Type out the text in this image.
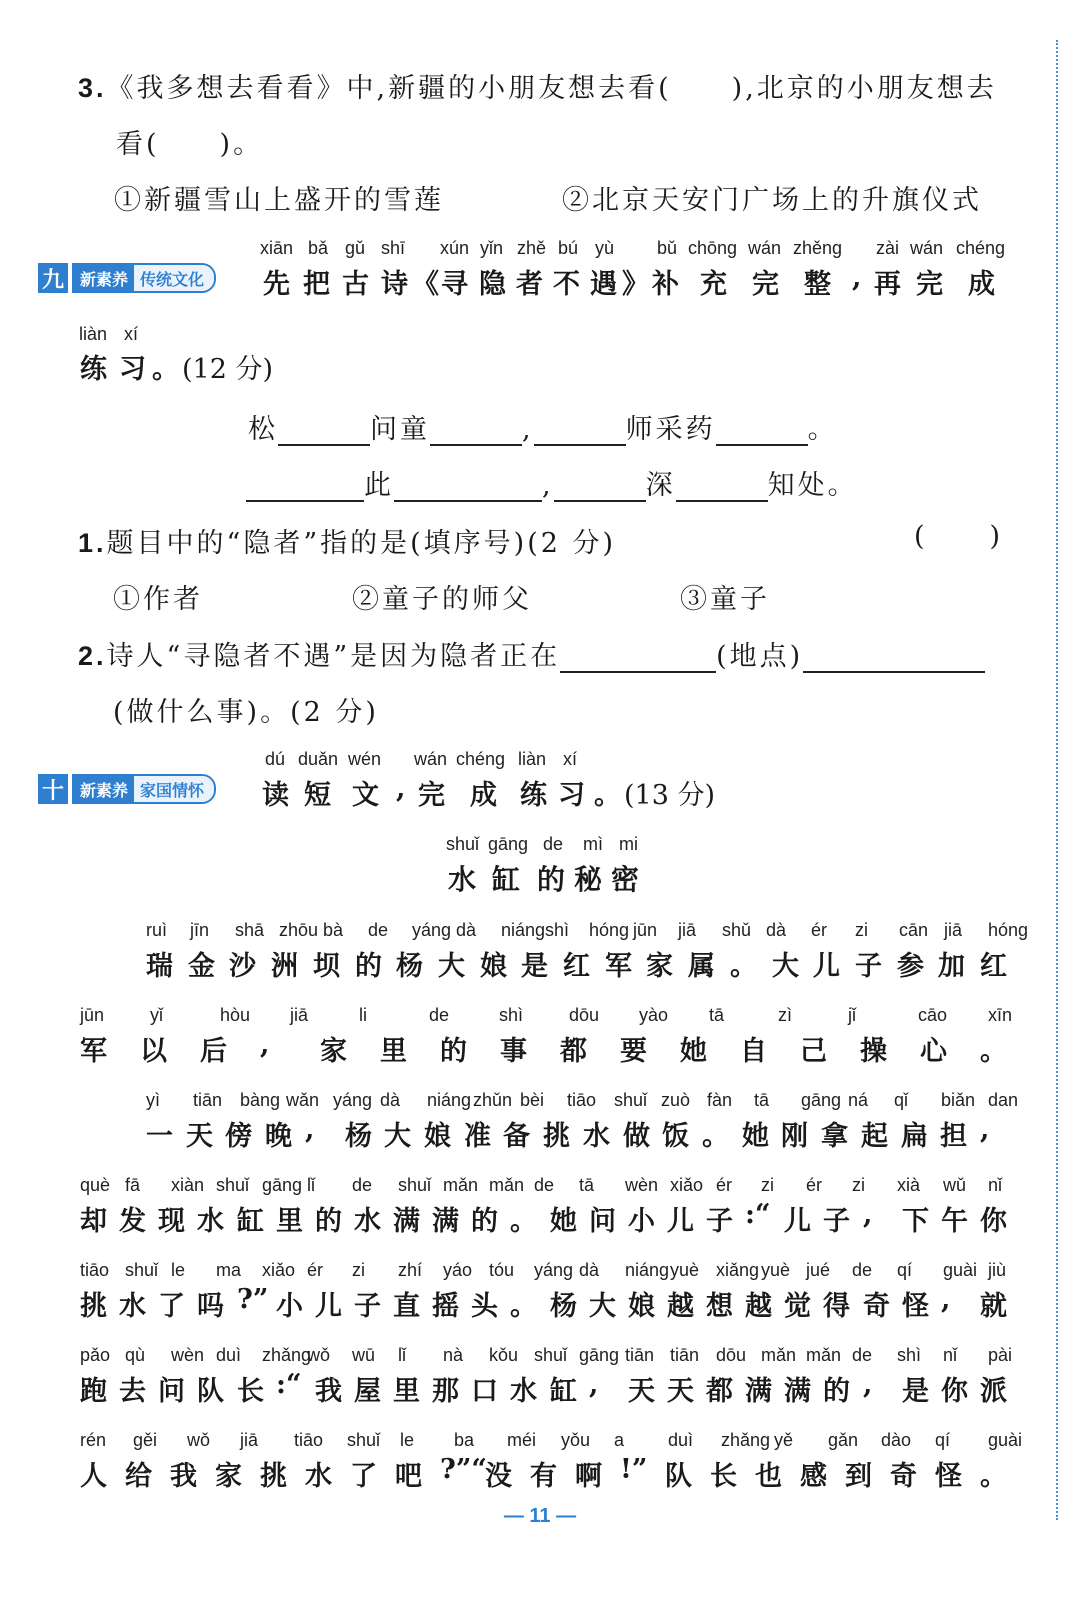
3.《我多想去看看》中,新疆的小朋友想去看( ),北京的小朋友想去
看( )。
①新疆雪山上盛开的雪莲	②北京天安门广场上的升旗仪式
九	新素养 传统文化
xiān bǎ gǔ shī xún yǐn zhě bú yù bǔ chōng wán zhěng zài wán chéng
先 把 古 诗 《 寻 隐 者 不 遇 》 补 充 完 整 , 再 完 成
liàn xí
练 习 。 (12 分)
松	问童	,	师采药	。
此	,	深	知处。
1.题目中的“隐者”指的是(填序号)(2 分)	( )
①作者	②童子的师父	③童子
2.诗人“寻隐者不遇”是因为隐者正在	(地点)
(做什么事)。(2 分)
十	新素养 家国情怀
dú duǎn wén wán chéng liàn xí
读 短 文 , 完 成 练 习 。 (13 分)
shuǐ gāng de mì mi
水 缸 的 秘 密
ruì jīn shā zhōu bà de yáng dà niáng shì hóng jūn jiā shǔ dà ér zi cān jiā hóng
瑞 金 沙 洲 坝 的 杨 大 娘 是 红 军 家 属 。 大 儿 子 参 加 红
jūn	yǐ	hòu jiā	li	de	shì	dōu yào tā	zì	jǐ	cāo xīn
军 以 后 , 家 里 的 事 都 要 她 自 己 操 心 。
yì tiān bàng wǎn yáng dà niáng zhǔn bèi tiāo shuǐ zuò fàn tā gāng ná qǐ biǎn dan
一 天 傍 晚 , 杨 大 娘 准 备 挑 水 做 饭 。 她 刚 拿 起 扁 担 ,
què fā xiàn shuǐ gāng lǐ de shuǐ mǎn mǎn de tā wèn xiǎo ér zi ér zi xià wǔ nǐ
却 发 现 水 缸 里 的 水 满 满 的 。 她 问 小 儿 子 :“ 儿 子 , 下 午 你
tiāo shuǐ le ma xiǎo ér zi zhí yáo tóu yáng dà niáng yuè xiǎng yuè jué de qí guài jiù
挑 水 了 吗 ?” 小 儿 子 直 摇 头 。 杨 大 娘 越 想 越 觉 得 奇 怪 , 就
pǎo qù wèn duì zhǎng
wǒ wū lǐ nà kǒu shuǐ gāng tiān tiān dōu mǎn mǎn de shì nǐ pài
跑 去 问 队 长 :“ 我 屋 里 那 口 水 缸 , 天 天 都 满 满 的 , 是 你 派
rén gěi wǒ jiā tiāo shuǐ le ba méi yǒu a duì zhǎng yě gǎn dào qí guài
人 给 我 家 挑 水 了 吧 ?”“
没 有 啊 !” 队 长 也 感 到 奇 怪 。
— 11 —
